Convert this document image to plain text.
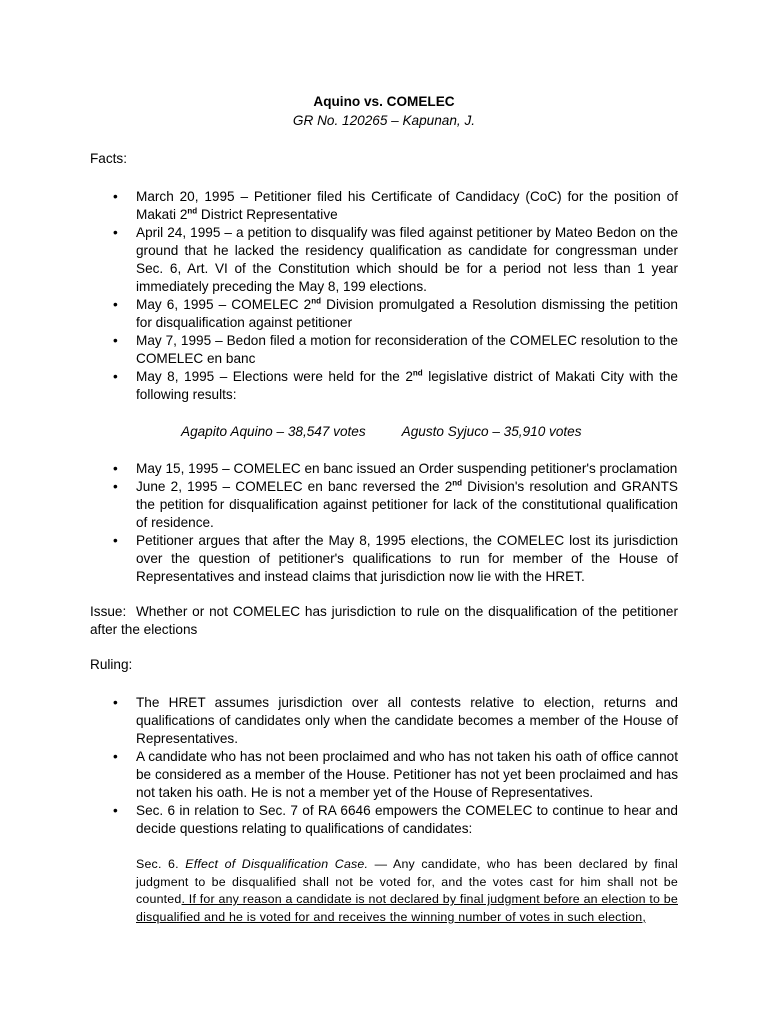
Aquino vs. COMELEC
GR No. 120265 – Kapunan, J.
Facts:
• March 20, 1995 – Petitioner filed his Certificate of Candidacy (CoC) for the position of Makati 2nd District Representative
• April 24, 1995 – a petition to disqualify was filed against petitioner by Mateo Bedon on the ground that he lacked the residency qualification as candidate for congressman under Sec. 6, Art. VI of the Constitution which should be for a period not less than 1 year immediately preceding the May 8, 199 elections.
• May 6, 1995 – COMELEC 2nd Division promulgated a Resolution dismissing the petition for disqualification against petitioner
• May 7, 1995 – Bedon filed a motion for reconsideration of the COMELEC resolution to the COMELEC en banc
• May 8, 1995 – Elections were held for the 2nd legislative district of Makati City with the following results:
Agapito Aquino – 38,547 votes	Agusto Syjuco – 35,910 votes
• May 15, 1995 – COMELEC en banc issued an Order suspending petitioner's proclamation
• June 2, 1995 – COMELEC en banc reversed the 2nd Division's resolution and GRANTS the petition for disqualification against petitioner for lack of the constitutional qualification of residence.
• Petitioner argues that after the May 8, 1995 elections, the COMELEC lost its jurisdiction over the question of petitioner's qualifications to run for member of the House of Representatives and instead claims that jurisdiction now lie with the HRET.
Issue: Whether or not COMELEC has jurisdiction to rule on the disqualification of the petitioner after the elections
Ruling:
• The HRET assumes jurisdiction over all contests relative to election, returns and qualifications of candidates only when the candidate becomes a member of the House of Representatives.
• A candidate who has not been proclaimed and who has not taken his oath of office cannot be considered as a member of the House. Petitioner has not yet been proclaimed and has not taken his oath. He is not a member yet of the House of Representatives.
• Sec. 6 in relation to Sec. 7 of RA 6646 empowers the COMELEC to continue to hear and decide questions relating to qualifications of candidates:
Sec. 6. Effect of Disqualification Case. — Any candidate, who has been declared by final judgment to be disqualified shall not be voted for, and the votes cast for him shall not be counted. If for any reason a candidate is not declared by final judgment before an election to be disqualified and he is voted for and receives the winning number of votes in such election,
